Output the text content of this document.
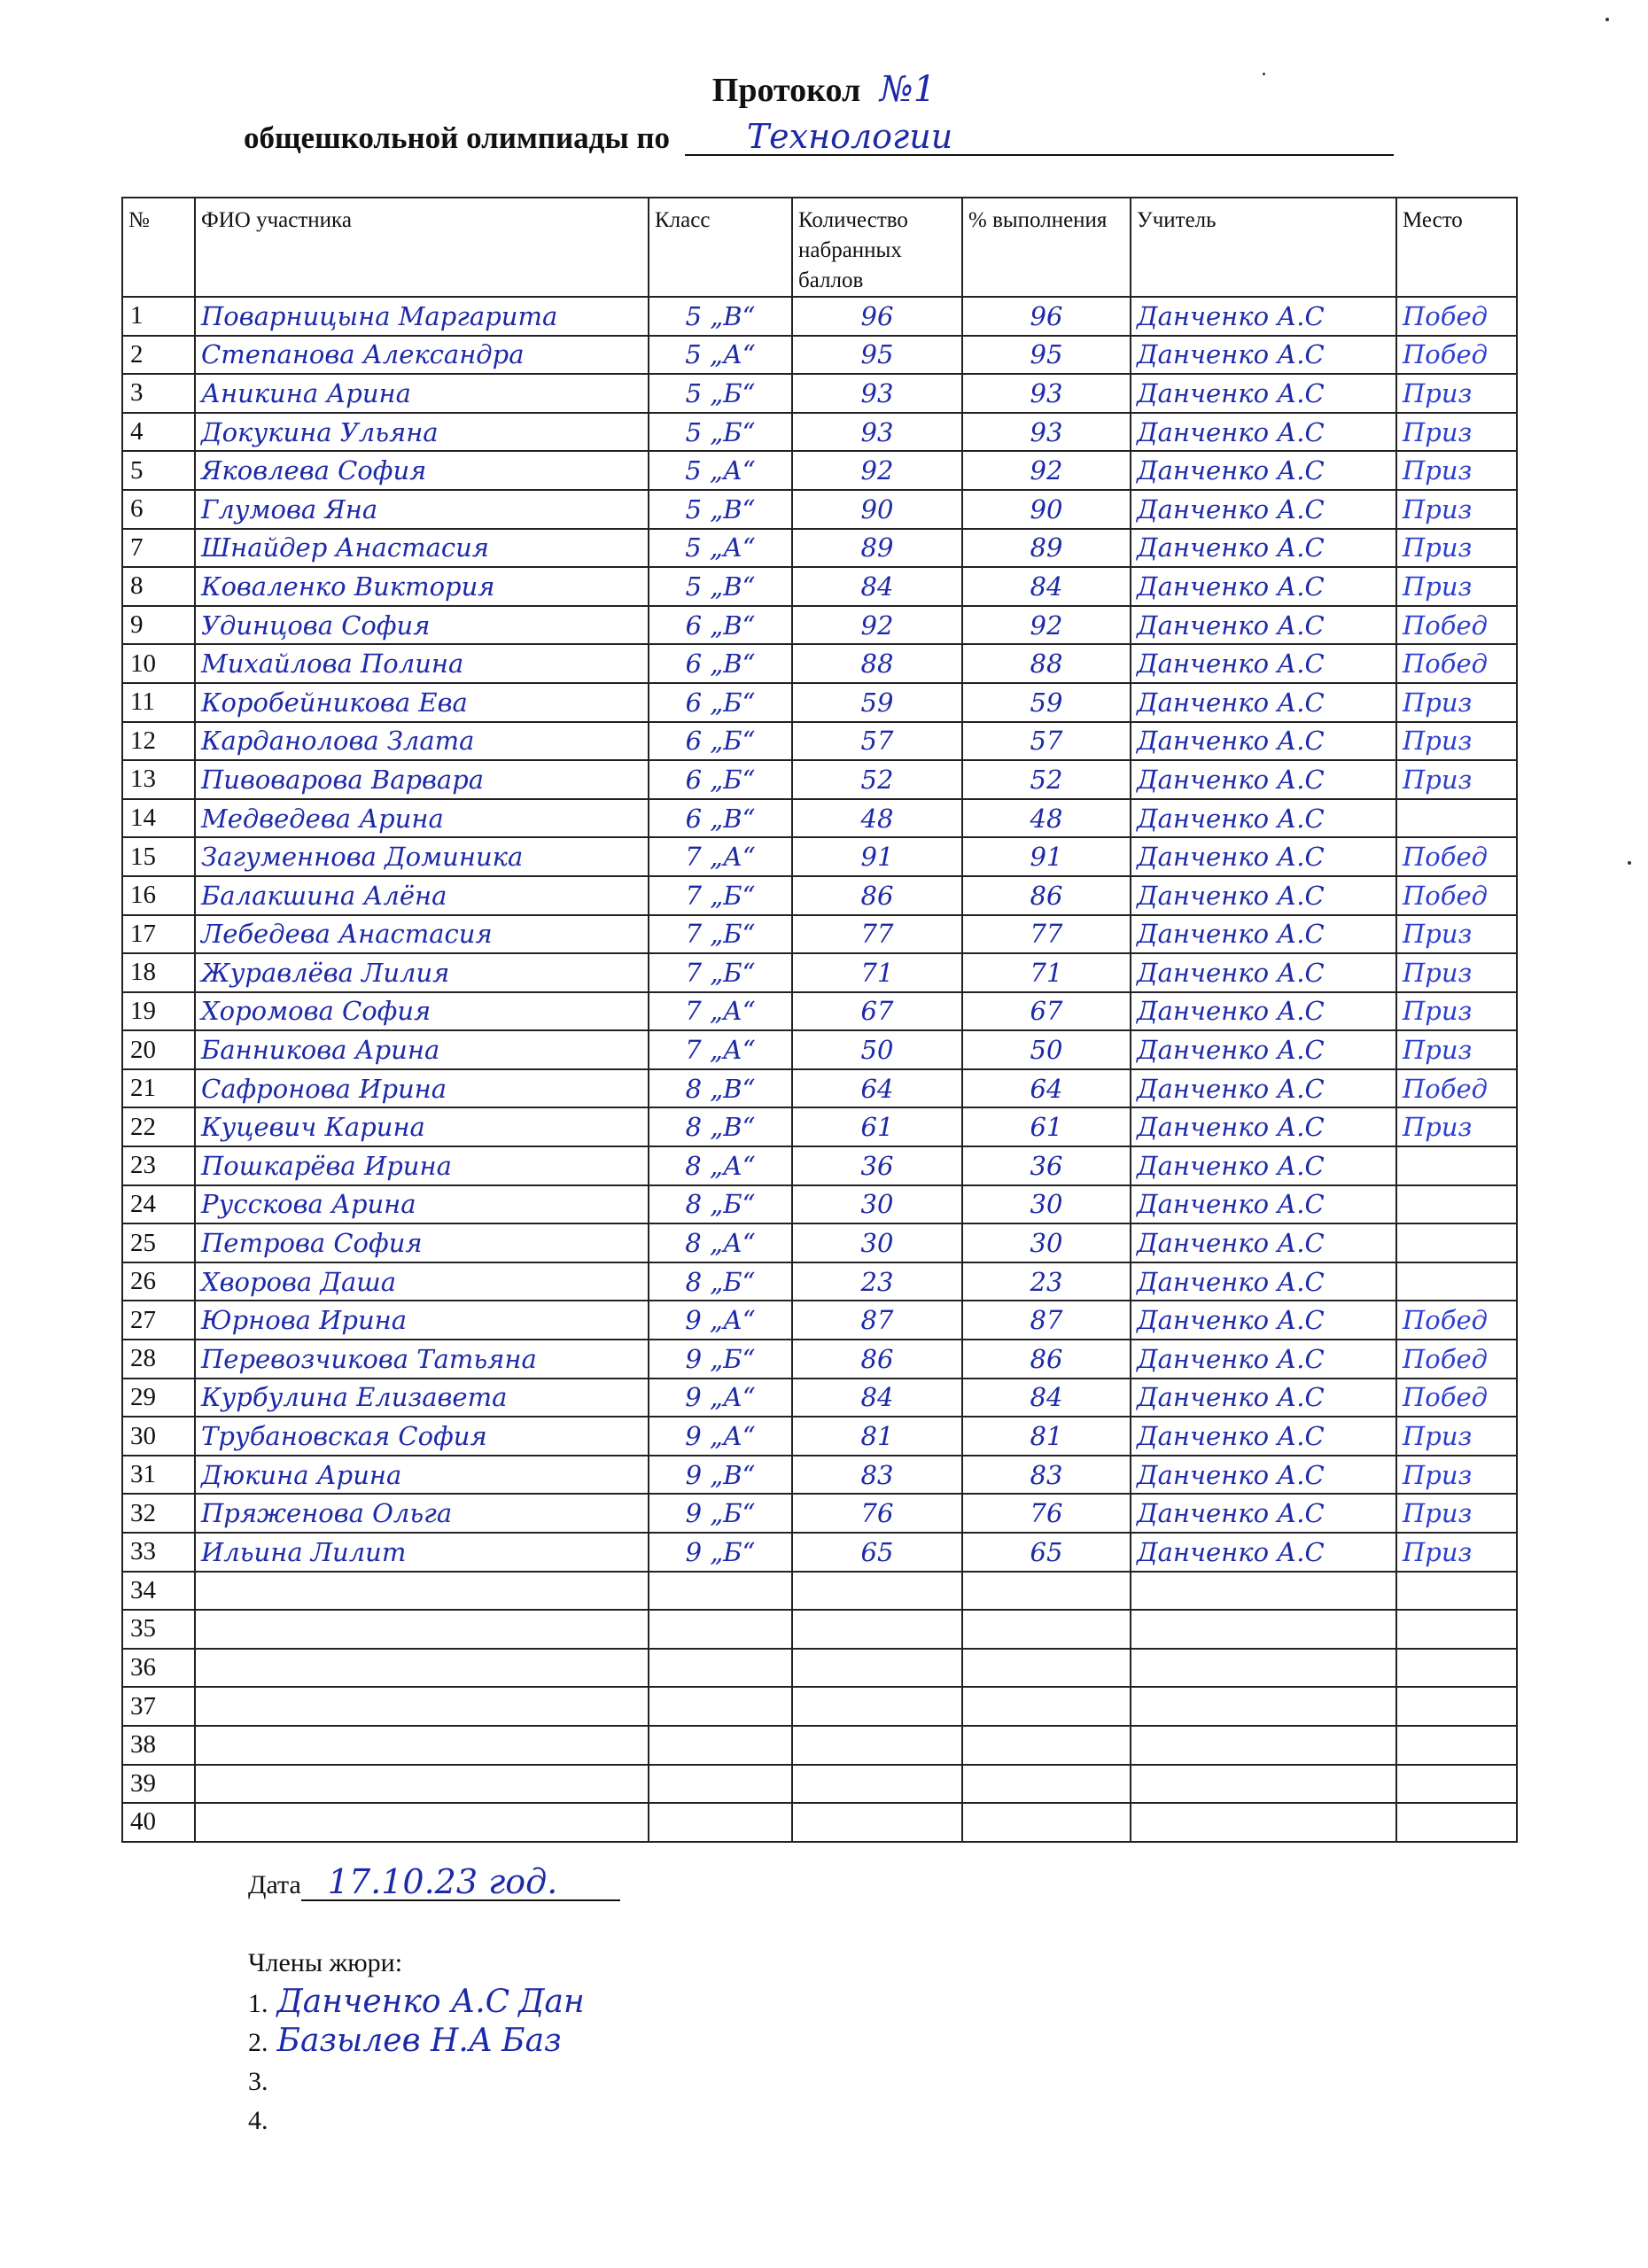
Протокол №1
общешкольной олимпиады по Технологии
№	ФИО участника	Класс	Количество набранных баллов	% выполнения	Учитель	Место
1	Поварницына Маргарита	5 „В“	96	96	Данченко А.С	Побед
2	Степанова Александра	5 „А“	95	95	Данченко А.С	Побед
3	Аникина Арина	5 „Б“	93	93	Данченко А.С	Приз
4	Докукина Ульяна	5 „Б“	93	93	Данченко А.С	Приз
5	Яковлева София	5 „А“	92	92	Данченко А.С	Приз
6	Глумова Яна	5 „В“	90	90	Данченко А.С	Приз
7	Шнайдер Анастасия	5 „А“	89	89	Данченко А.С	Приз
8	Коваленко Виктория	5 „В“	84	84	Данченко А.С	Приз
9	Удинцова София	6 „В“	92	92	Данченко А.С	Побед
10	Михайлова Полина	6 „В“	88	88	Данченко А.С	Побед
11	Коробейникова Ева	6 „Б“	59	59	Данченко А.С	Приз
12	Карданолова Злата	6 „Б“	57	57	Данченко А.С	Приз
13	Пивоварова Варвара	6 „Б“	52	52	Данченко А.С	Приз
14	Медведева Арина	6 „В“	48	48	Данченко А.С	
15	Загуменнова Доминика	7 „А“	91	91	Данченко А.С	Побед
16	Балакшина Алёна	7 „Б“	86	86	Данченко А.С	Побед
17	Лебедева Анастасия	7 „Б“	77	77	Данченко А.С	Приз
18	Журавлёва Лилия	7 „Б“	71	71	Данченко А.С	Приз
19	Хоромова София	7 „А“	67	67	Данченко А.С	Приз
20	Банникова Арина	7 „А“	50	50	Данченко А.С	Приз
21	Сафронова Ирина	8 „В“	64	64	Данченко А.С	Побед
22	Куцевич Карина	8 „В“	61	61	Данченко А.С	Приз
23	Пошкарёва Ирина	8 „А“	36	36	Данченко А.С	
24	Русскова Арина	8 „Б“	30	30	Данченко А.С	
25	Петрова София	8 „А“	30	30	Данченко А.С	
26	Хворова Даша	8 „Б“	23	23	Данченко А.С	
27	Юрнова Ирина	9 „А“	87	87	Данченко А.С	Побед
28	Перевозчикова Татьяна	9 „Б“	86	86	Данченко А.С	Побед
29	Курбулина Елизавета	9 „А“	84	84	Данченко А.С	Побед
30	Трубановская София	9 „А“	81	81	Данченко А.С	Приз
31	Дюкина Арина	9 „В“	83	83	Данченко А.С	Приз
32	Пряженова Ольга	9 „Б“	76	76	Данченко А.С	Приз
33	Ильина Лилит	9 „Б“	65	65	Данченко А.С	Приз
34						
35						
36						
37						
38						
39						
40						
Дата 17.10.23 год.
Члены жюри:
1. Данченко А.С Дан
2. Базылев Н.А Баз
3.
4.
